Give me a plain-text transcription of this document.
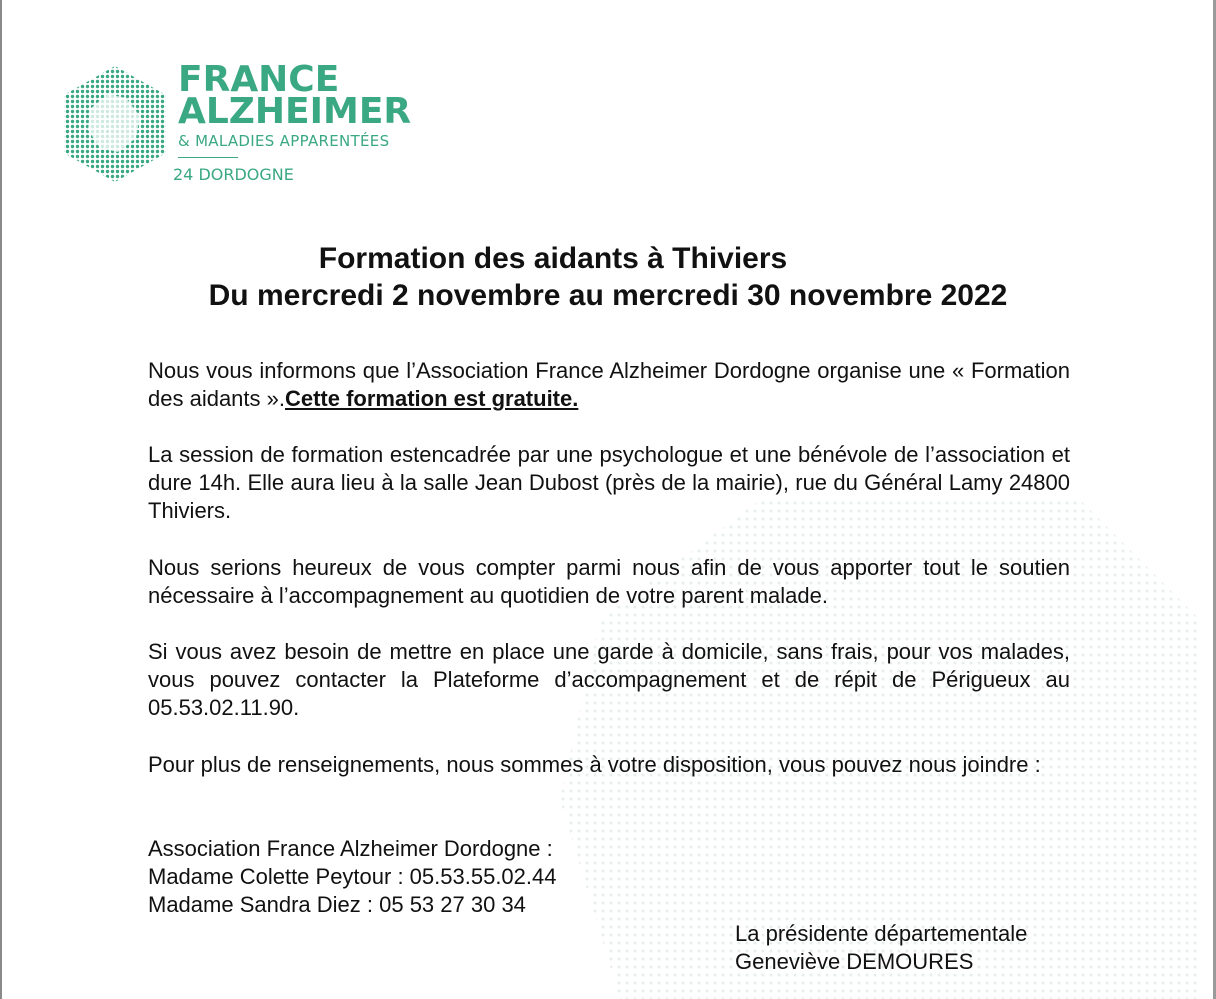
FRANCE
ALZHEIMER
& MALADIES APPARENTÉES
24 DORDOGNE
Formation des aidants à Thiviers
Du mercredi 2 novembre au mercredi 30 novembre 2022
Nous vous informons que l’Association France Alzheimer Dordogne organise une « Formation des aidants ».Cette formation est gratuite.
La session de formation estencadrée par une psychologue et une bénévole de l’association et dure 14h. Elle aura lieu à la salle Jean Dubost (près de la mairie), rue du Général Lamy 24800 Thiviers.
Nous serions heureux de vous compter parmi nous afin de vous apporter tout le soutien nécessaire à l’accompagnement au quotidien de votre parent malade.
Si vous avez besoin de mettre en place une garde à domicile, sans frais, pour vos malades, vous pouvez contacter la Plateforme d’accompagnement et de répit de Périgueux au 05.53.02.11.90.
Pour plus de renseignements, nous sommes à votre disposition, vous pouvez nous joindre :
Association France Alzheimer Dordogne :
Madame Colette Peytour : 05.53.55.02.44
Madame Sandra Diez : 05 53 27 30 34
La présidente départementale
Geneviève DEMOURES
